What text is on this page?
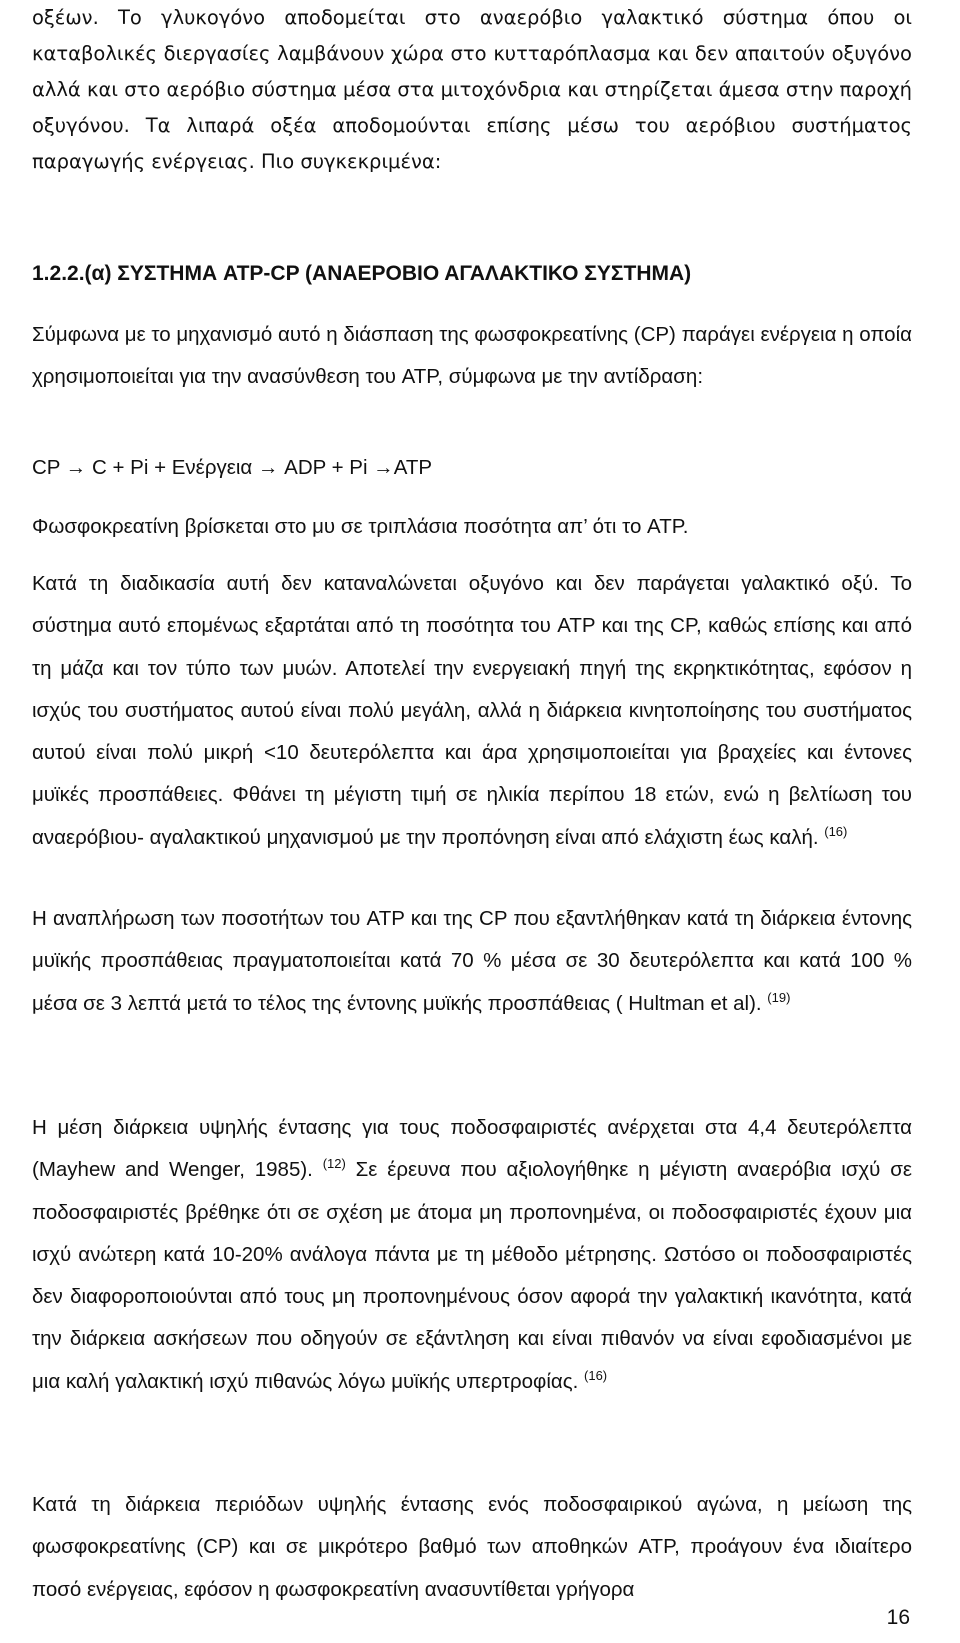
οξέων. Το γλυκογόνο αποδομείται στο αναερόβιο γαλακτικό σύστημα όπου οι καταβολικές διεργασίες λαμβάνουν χώρα στο κυτταρόπλασμα και δεν απαιτούν οξυγόνο αλλά και στο αερόβιο σύστημα μέσα στα μιτοχόνδρια και στηρίζεται άμεσα στην παροχή οξυγόνου. Τα λιπαρά οξέα αποδομούνται επίσης μέσω του αερόβιου συστήματος παραγωγής ενέργειας. Πιο συγκεκριμένα:

1.2.2.(α) ΣΥΣΤΗΜΑ ATP-CP (ΑΝΑΕΡΟΒΙΟ ΑΓΑΛΑΚΤΙΚΟ ΣΥΣΤΗΜΑ)

Σύμφωνα με το μηχανισμό αυτό η διάσπαση της φωσφοκρεατίνης (CP) παράγει ενέργεια η οποία χρησιμοποιείται για την ανασύνθεση του ATP, σύμφωνα με την αντίδραση:

CP → C + Pi + Ενέργεια → ADP + Pi →ATP

Φωσφοκρεατίνη βρίσκεται στο μυ σε τριπλάσια ποσότητα απ’ ότι το ATP.

Κατά τη διαδικασία αυτή δεν καταναλώνεται οξυγόνο και δεν παράγεται γαλακτικό οξύ. Το σύστημα αυτό επομένως εξαρτάται από τη ποσότητα του ATP και της CP, καθώς επίσης και από τη μάζα και τον τύπο των μυών. Αποτελεί την ενεργειακή πηγή της εκρηκτικότητας, εφόσον η ισχύς του συστήματος αυτού είναι πολύ μεγάλη, αλλά η διάρκεια κινητοποίησης του συστήματος αυτού είναι πολύ μικρή <10 δευτερόλεπτα και άρα χρησιμοποιείται για βραχείες και έντονες μυϊκές προσπάθειες. Φθάνει τη μέγιστη τιμή σε ηλικία περίπου 18 ετών, ενώ η βελτίωση του αναερόβιου- αγαλακτικού μηχανισμού με την προπόνηση είναι από ελάχιστη έως καλή. $^{(16)}$

Η αναπλήρωση των ποσοτήτων του ATP και της CP που εξαντλήθηκαν κατά τη διάρκεια έντονης μυϊκής προσπάθειας πραγματοποιείται κατά 70 % μέσα σε 30 δευτερόλεπτα και κατά 100 % μέσα σε 3 λεπτά μετά το τέλος της έντονης μυϊκής προσπάθειας ( Hultman et al). $^{(19)}$

Η μέση διάρκεια υψηλής έντασης για τους ποδοσφαιριστές ανέρχεται στα 4,4 δευτερόλεπτα (Mayhew and Wenger, 1985). $^{(12)}$ Σε έρευνα που αξιολογήθηκε η μέγιστη αναερόβια ισχύ σε ποδοσφαιριστές βρέθηκε ότι σε σχέση με άτομα μη προπονημένα, οι ποδοσφαιριστές έχουν μια ισχύ ανώτερη κατά 10-20% ανάλογα πάντα με τη μέθοδο μέτρησης. Ωστόσο οι ποδοσφαιριστές δεν διαφοροποιούνται από τους μη προπονημένους όσον αφορά την γαλακτική ικανότητα, κατά την διάρκεια ασκήσεων που οδηγούν σε εξάντληση και είναι πιθανόν να είναι εφοδιασμένοι με μια καλή γαλακτική ισχύ πιθανώς λόγω μυϊκής υπερτροφίας. $^{(16)}$

Κατά τη διάρκεια περιόδων υψηλής έντασης ενός ποδοσφαιρικού αγώνα, η μείωση της φωσφοκρεατίνης (CP) και σε μικρότερο βαθμό των αποθηκών ATP, προάγουν ένα ιδιαίτερο ποσό ενέργειας, εφόσον η φωσφοκρεατίνη ανασυντίθεται γρήγορα

16
